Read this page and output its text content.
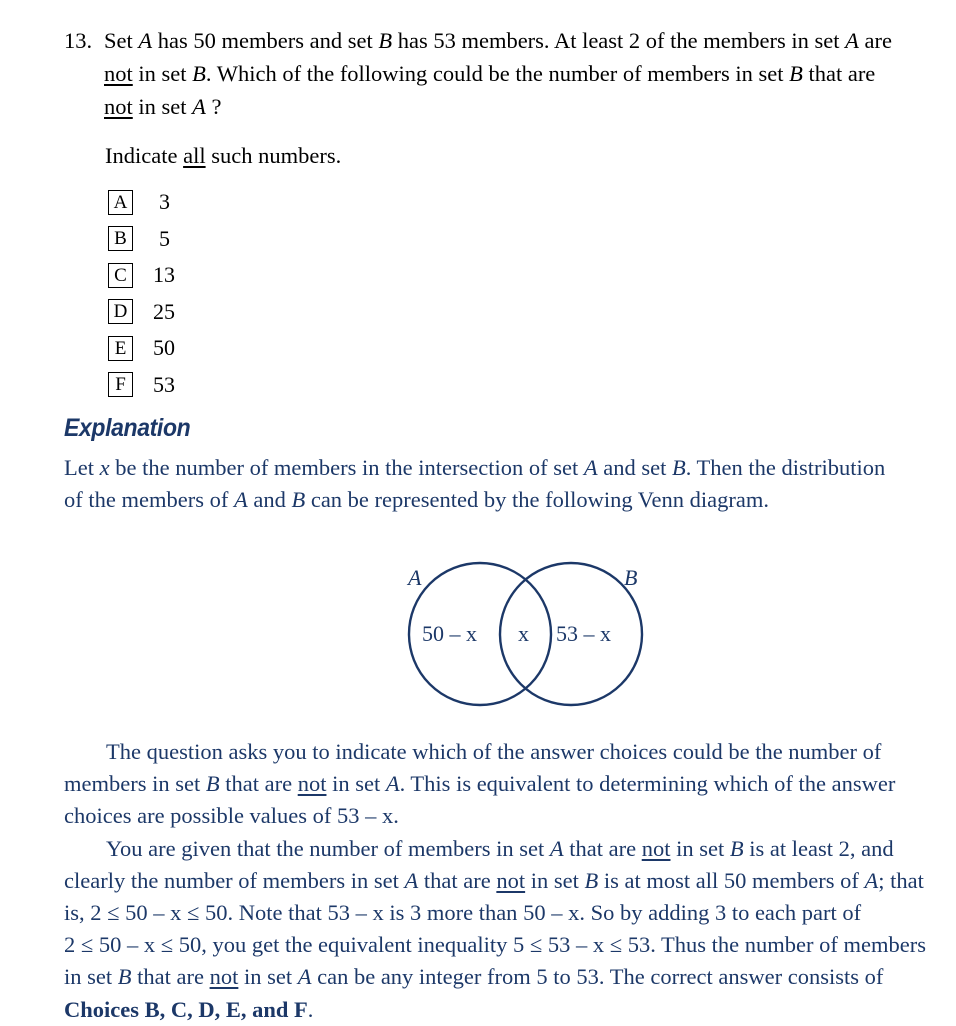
13. Set A has 50 members and set B has 53 members. At least 2 of the members in set A are not in set B. Which of the following could be the number of members in set B that are not in set A ?
Indicate all such numbers.
A 3
B 5
C 13
D 25
E	50
F	53
Explanation
Let x be the number of members in the intersection of set A and set B. Then the distribution of the members of A and B can be represented by the following Venn diagram.
A	B
50 – x x 53 – x

The question asks you to indicate which of the answer choices could be the number of members in set B that are not in set A. This is equivalent to determining which of the answer choices are possible values of 53 – x.

You are given that the number of members in set A that are not in set B is at least 2, and clearly the number of members in set A that are not in set B is at most all 50 members of A; that is, 2 ≤ 50 – x ≤ 50. Note that 53 – x is 3 more than 50 – x. So by adding 3 to each part of 2 ≤ 50 – x ≤ 50, you get the equivalent inequality 5 ≤ 53 – x ≤ 53. Thus the number of members in set B that are not in set A can be any integer from 5 to 53. The correct answer consists of Choices B, C, D, E, and F.
